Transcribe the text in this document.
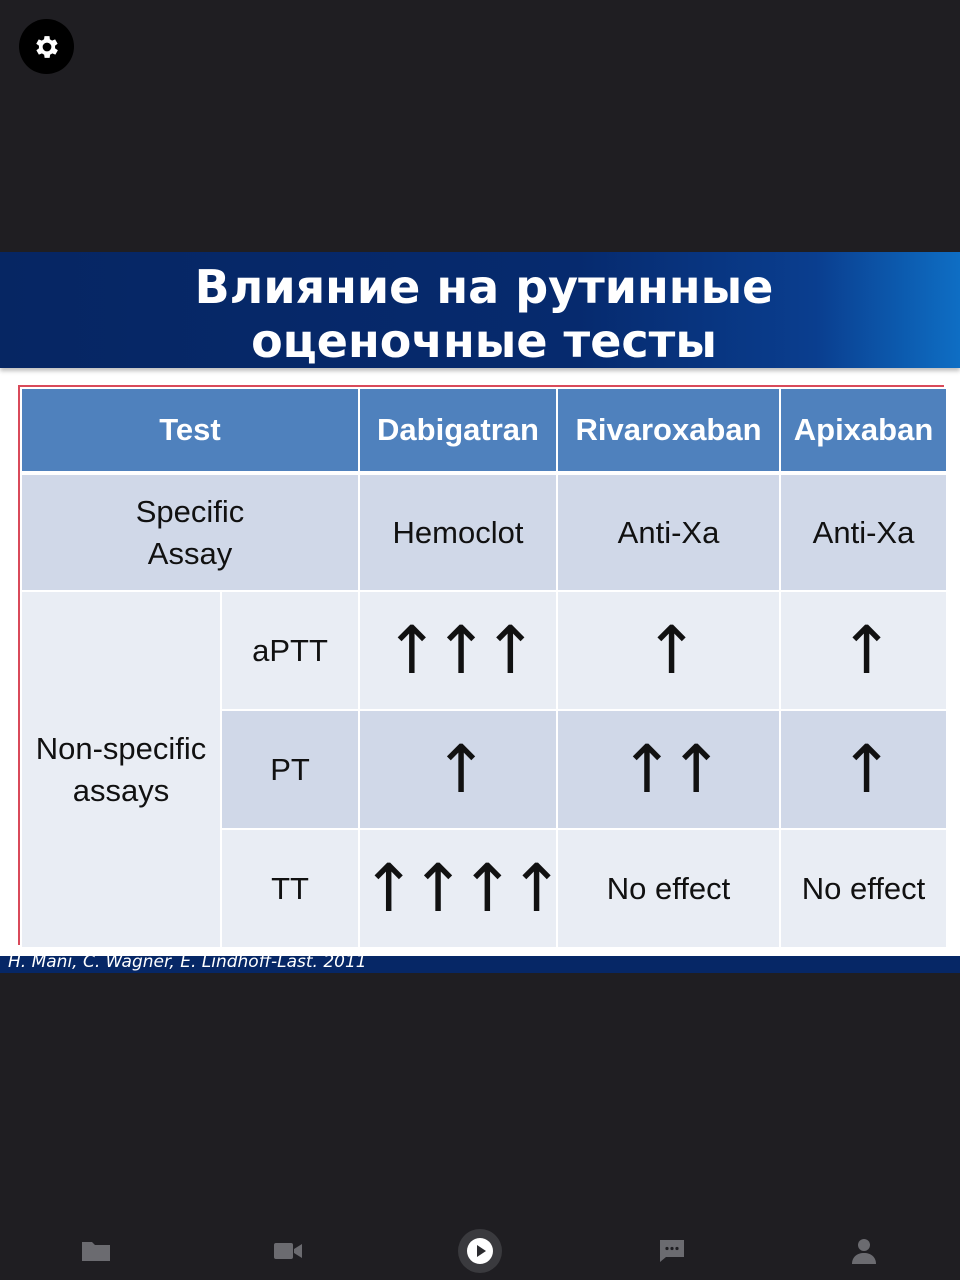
Влияние на рутинные
оценочные тесты
Test		Dabigatran	Rivaroxaban	Apixaban

Specific
Assay		Hemoclot	Anti-Xa	Anti-Xa

Non-specific
assays	aPTT	↑↑↑	↑	↑
	PT	↑	↑↑	↑
	TT	↑↑↑↑	No effect	No effect
H. Mani, C. Wagner, E. Lindhoff-Last. 2011
